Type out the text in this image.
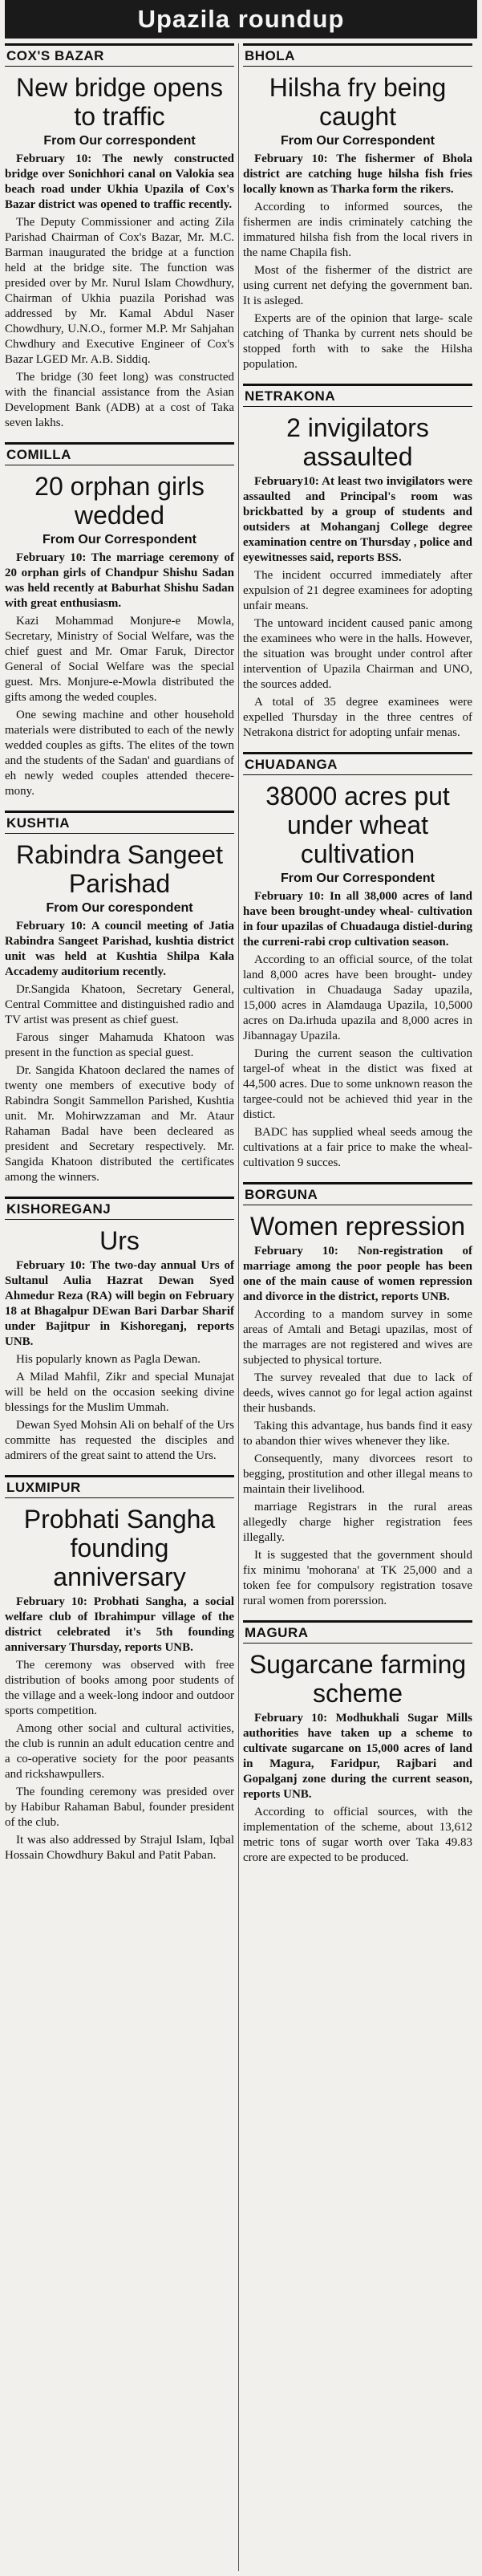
Upazila roundup
COX'S BAZAR
New bridge opens to traffic
From Our correspondent

February 10: The newly constructed bridge over Sonichhori canal on Valokia sea beach road under Ukhia Upazila of Cox's Bazar district was opened to traffic recently.

The Deputy Commissioner and acting Zila Parishad Chairman of Cox's Bazar, Mr. M.C. Barman inaugurated the bridge at a function held at the bridge site. The function was presided over by Mr. Nurul Islam Chowdhury, Chairman of Ukhia puazila Porishad was addressed by Mr. Kamal Abdul Naser Chowdhury, U.N.O., former M.P. Mr Sahjahan Chwdhury and Executive Engineer of Cox's Bazar LGED Mr. A.B. Siddiq.

The bridge (30 feet long) was constructed with the financial assistance from the Asian Development Bank (ADB) at a cost of Taka seven lakhs.

COMILLA
20 orphan girls wedded
From Our Correspondent

February 10: The marriage ceremony of 20 orphan girls of Chandpur Shishu Sadan was held recently at Baburhat Shishu Sadan with great enthusiasm.

Kazi Mohammad Monjure-e Mowla, Secretary, Ministry of Social Welfare, was the chief guest and Mr. Omar Faruk, Director General of Social Welfare was the special guest. Mrs. Monjure-e-Mowla distributed the gifts among the weded couples.

One sewing machine and other household materials were distributed to each of the newly wedded couples as gifts. The elites of the town and the students of the Sadan' and guardians of eh newly weded couples attended thecere-mony.

KUSHTIA
Rabindra Sangeet Parishad
From Our corespondent

February 10: A council meeting of Jatia Rabindra Sangeet Parishad, kushtia district unit was held at Kushtia Shilpa Kala Accademy auditorium recently.

Dr.Sangida Khatoon, Secretary General, Central Committee and distinguished radio and TV artist was present as chief guest.

Farous singer Mahamuda Khatoon was present in the function as special guest.

Dr. Sangida Khatoon declared the names of twenty one members of executive body of Rabindra Songit Sammellon Parished, Kushtia unit. Mr. Mohirwzzaman and Mr. Ataur Rahaman Badal have been decleared as president and Secretary respectively. Mr. Sangida Khatoon distributed the certificates among the winners.

KISHOREGANJ
Urs

February 10: The two-day annual Urs of Sultanul Aulia Hazrat Dewan Syed Ahmedur Reza (RA) will begin on February 18 at Bhagalpur DEwan Bari Darbar Sharif under Bajitpur in Kishoreganj, reports UNB.

His popularly known as Pagla Dewan.

A Milad Mahfil, Zikr and special Munajat will be held on the occasion seeking divine blessings for the Muslim Ummah.

Dewan Syed Mohsin Ali on behalf of the Urs committe has requested the disciples and admirers of the great saint to attend the Urs.

LUXMIPUR
Probhati Sangha founding anniversary

February 10: Probhati Sangha, a social welfare club of Ibrahimpur village of the district celebrated it's 5th founding anniversary Thursday, reports UNB.

The ceremony was observed with free distribution of books among poor students of the village and a week-long indoor and outdoor sports competition.

Among other social and cultural activities, the club is runnin an adult education centre and a co-operative society for the poor peasants and rickshawpullers.

The founding ceremony was presided over by Habibur Rahaman Babul, founder president of the club.

It was also addressed by Strajul Islam, Iqbal Hossain Chowdhury Bakul and Patit Paban.

BHOLA
Hilsha fry being caught
From Our Correspondent

February 10: The fishermer of Bhola district are catching huge hilsha fish fries locally known as Tharka form the rikers.

According to informed sources, the fishermen are indis criminately catching the immatured hilsha fish from the local rivers in the name Chapila fish.

Most of the fishermer of the district are using current net defying the government ban. It is asleged.

Experts are of the opinion that large- scale catching of Thanka by current nets should be stopped forth with to sake the Hilsha population.

NETRAKONA
2 invigilators assaulted

February10: At least two invigilators were assaulted and Principal's room was brickbatted by a group of students and outsiders at Mohanganj College degree examination centre on Thursday , police and eyewitnesses said, reports BSS.

The incident occurred immediately after expulsion of 21 degree examinees for adopting unfair means.

The untoward incident caused panic among the examinees who were in the halls. However, the situation was brought under control after intervention of Upazila Chairman and UNO, the sources added.

A total of 35 degree examinees were expelled Thursday in the three centres of Netrakona district for adopting unfair menas.

CHUADANGA
38000 acres put under wheat cultivation
From Our Correspondent

February 10: In all 38,000 acres of land have been brought-undey wheal- cultivation in four upazilas of Chuadauga distiel-during the curreni-rabi crop cultivation season.

According to an official source, of the tolat land 8,000 acres have been brought- undey cultivation in Chuadauga Saday upazila, 15,000 acres in Alamdauga Upazila, 10,5000 acres on Da.irhuda upazila and 8,000 acres in Jibannagay Upazila.

During the current season the cultivation targel-of wheat in the distict was fixed at 44,500 acres. Due to some unknown reason the targee-could not be achieved thid year in the distict.

BADC has supplied wheal seeds amoug the cultivations at a fair price to make the wheal- cultivation 9 succes.

BORGUNA
Women repression

February 10: Non-registration of marriage among the poor people has been one of the main cause of women repression and divorce in the district, reports UNB.

According to a mandom survey in some areas of Amtali and Betagi upazilas, most of the marrages are not registered and wives are subjected to physical torture.

The survey revealed that due to lack of deeds, wives cannot go for legal action against their husbands.

Taking this advantage, hus bands find it easy to abandon thier wives whenever they like.

Consequently, many divorcees resort to begging, prostitution and other illegal means to maintain their livelihood.

marriage Registrars in the rural areas allegedly charge higher registration fees illegally.

It is suggested that the government should fix minimu 'mohorana' at TK 25,000 and a token fee for compulsory registration tosave rural women from porerssion.

MAGURA
Sugarcane farming scheme

February 10: Modhukhali Sugar Mills authorities have taken up a scheme to cultivate sugarcane on 15,000 acres of land in Magura, Faridpur, Rajbari and Gopalganj zone during the current season, reports UNB.

According to official sources, with the implementation of the scheme, about 13,612 metric tons of sugar worth over Taka 49.83 crore are expected to be produced.
